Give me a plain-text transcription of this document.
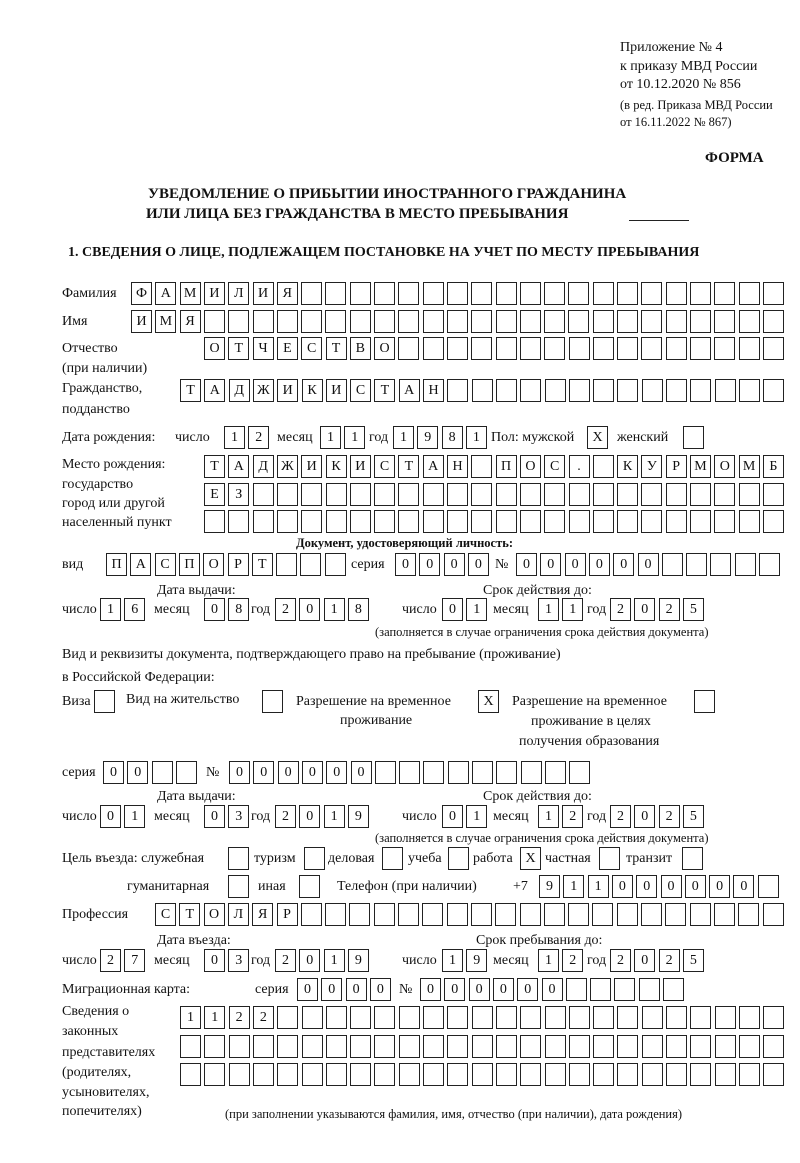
Приложение № 4
к приказу МВД России
от 10.12.2020 № 856
(в ред. Приказа МВД России
от 16.11.2022 № 867)
ФОРМА
УВЕДОМЛЕНИЕ О ПРИБЫТИИ ИНОСТРАННОГО ГРАЖДАНИНА
ИЛИ ЛИЦА БЕЗ ГРАЖДАНСТВА В МЕСТО ПРЕБЫВАНИЯ
1. СВЕДЕНИЯ О ЛИЦЕ, ПОДЛЕЖАЩЕМ ПОСТАНОВКЕ НА УЧЕТ ПО МЕСТУ ПРЕБЫВАНИЯ
Фамилия	Ф А М И	Л	И	Я
Имя	И М Я
Отчество
(при наличии)
О	Т	Ч	Е	С	Т	В	О
Гражданство,
подданство
Т	А	Д Ж И	К	И	С	Т	А	Н
Дата рождения: число	1	2	месяц	1	1 год 1	9	8	1 Пол: мужской	X	женский
Место рождения:
государство
город или другой
населенный пункт
Т	А	Д Ж И	К	И	С	Т	А	Н	П	О	С	.	К	У	Р	М О М	Б
Е	З
Документ, удостоверяющий личность:
вид	П	А	С	П	О	Р	Т	серия	0	0	0	0 №	0	0	0	0	0	0
Дата выдачи:	Срок действия до:
число 1	6	месяц	0	8 год 2	0	1	8	число 0	1 месяц	1	1 год 2	0	2	5
(заполняется в случае ограничения срока действия документа)
Вид и реквизиты документа, подтверждающего право на пребывание (проживание)
в Российской Федерации:
Виза	Вид на жительство	Разрешение на временное
проживание
X	Разрешение на временное
проживание в целях
получения образования
серия	0	0	№	0	0	0	0	0	0
Дата выдачи:	Срок действия до:
число 0	1	месяц	0	3 год 2	0	1	9	число 0	1 месяц	1	2 год 2	0	2	5
(заполняется в случае ограничения срока действия документа)
Цель въезда: служебная	туризм деловая учеба работа X частная	транзит
гуманитарная	иная	Телефон (при наличии)	+7	9	1	1	0	0	0	0	0	0
Профессия	С	Т	О	Л	Я	Р
Дата въезда:	Срок пребывания до:
число 2	7	месяц	0	3 год 2	0	1	9	число 1	9 месяц	1	2 год 2	0	2	5
Миграционная карта:	серия	0	0	0	0	№	0	0	0	0	0	0
Сведения о
законных
представителях
(родителях,
усыновителях,
попечителях)
1	1	2	2
(при заполнении указываются фамилия, имя, отчество (при наличии), дата рождения)
